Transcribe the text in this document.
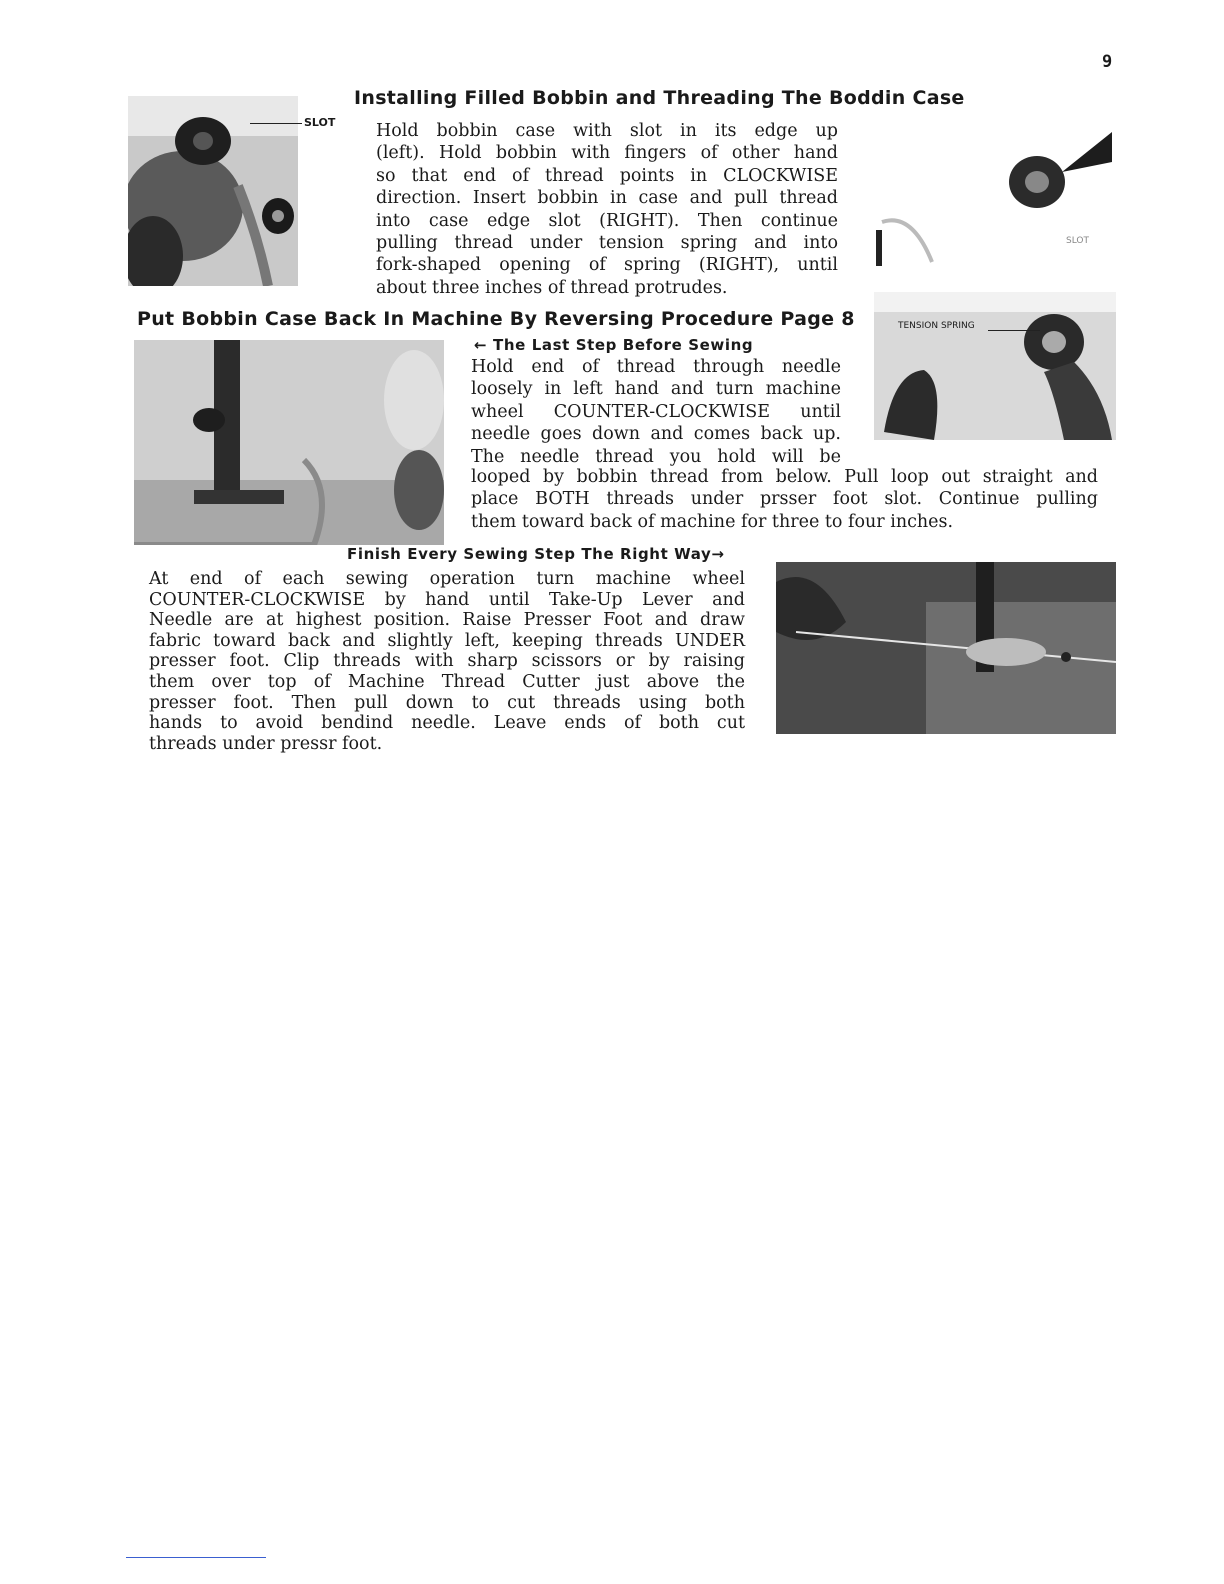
9
Installing Filled Bobbin and Threading The Boddin Case
SLOT Hold bobbin case with slot in its edge up
(left). Hold bobbin with fingers of other hand
so that end of thread points in CLOCKWISE
direction. Insert bobbin in case and pull thread
into case edge slot (RIGHT). Then continue
pulling thread under tension spring and into
fork-shaped opening of spring (RIGHT), until
about three inches of thread protrudes.
SLOT
Put Bobbin Case Back In Machine By Reversing Procedure Page 8	TENSION SPRING
← The Last Step Before Sewing
Hold end of thread through needle
loosely in left hand and turn machine
wheel COUNTER-CLOCKWISE until
needle goes down and comes back up.
The needle thread you hold will be
looped by bobbin thread from below. Pull loop out straight and
place BOTH threads under prsser foot slot. Continue pulling
them toward back of machine for three to four inches.
Finish Every Sewing Step The Right Way→
At end of each sewing operation turn machine wheel
COUNTER-CLOCKWISE by hand until Take-Up Lever and
Needle are at highest position. Raise Presser Foot and draw
fabric toward back and slightly left, keeping threads UNDER
presser foot. Clip threads with sharp scissors or by raising
them over top of Machine Thread Cutter just above the
presser foot. Then pull down to cut threads using both
hands to avoid bendind needle. Leave ends of both cut
threads under pressr foot.
